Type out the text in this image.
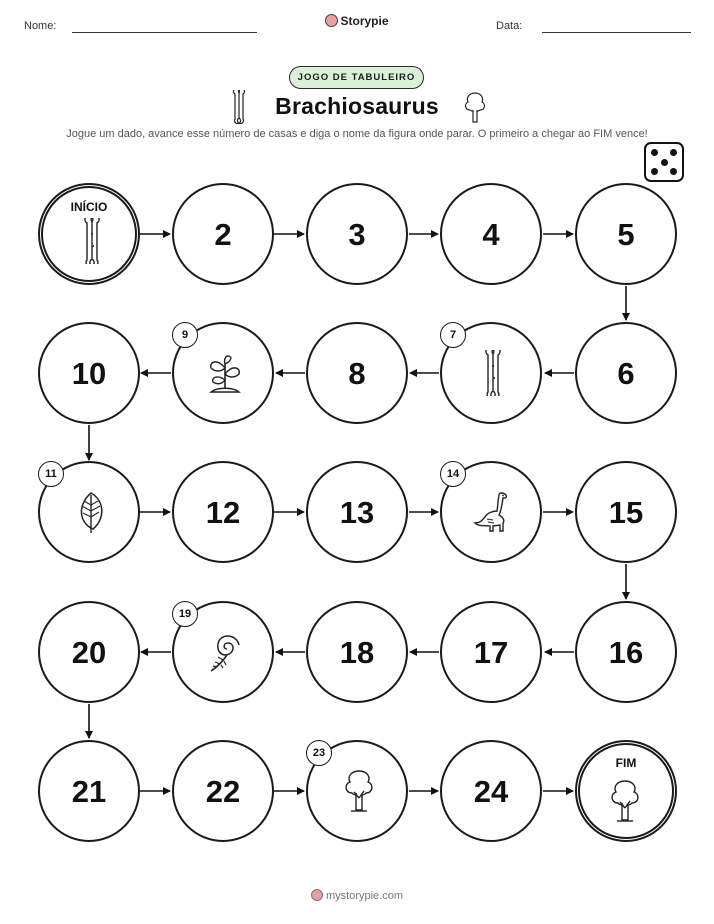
Nome:	Storypie	Data:
JOGO DE TABULEIRO
Brachiosaurus
Jogue um dado, avance esse número de casas e diga o nome da figura onde parar. O primeiro a chegar ao FIM vence!
INÍCIO
2	3	4	5
10
9
8
7
6
11
12	13
14
15
20
19
18	17	16
21	22
23
24
FIM
mystorypie.com
